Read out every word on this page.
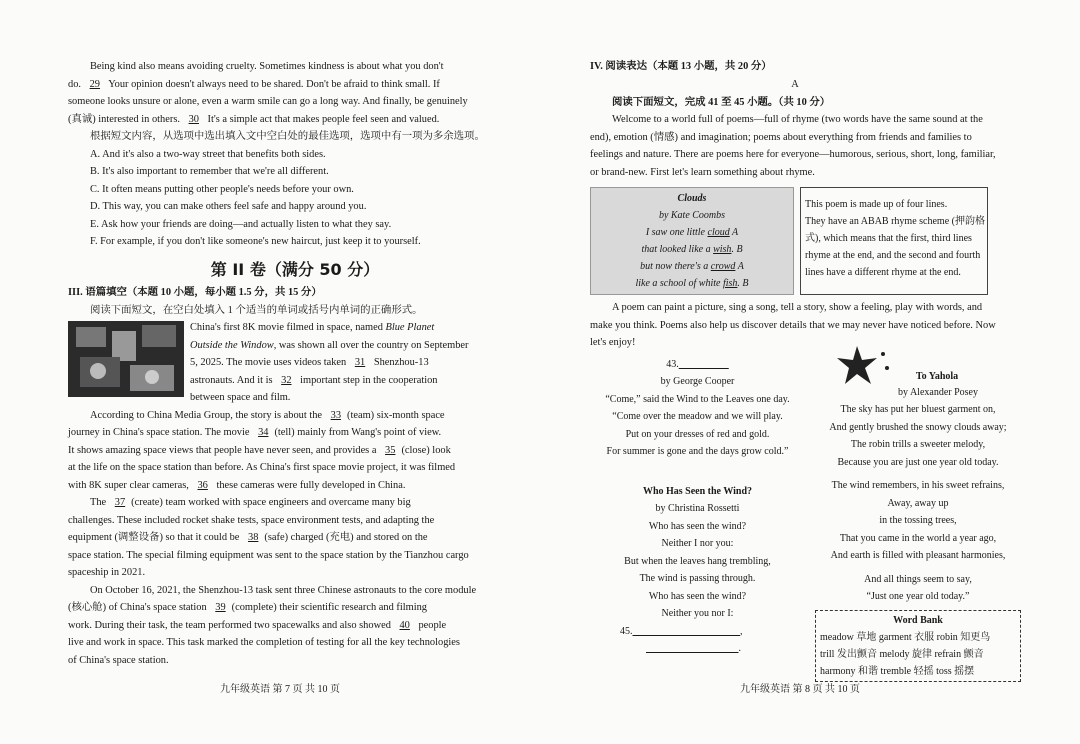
Being kind also means avoiding cruelty. Sometimes kindness is about what you don't
do. 29 Your opinion doesn't always need to be shared. Don't be afraid to think small. If
someone looks unsure or alone, even a warm smile can go a long way. And finally, be genuinely
(真诚) interested in others. 30 It's a simple act that makes people feel seen and valued.
根据短文内容，从选项中选出填入文中空白处的最佳选项，选项中有一项为多余选项。
A. And it's also a two-way street that benefits both sides.
B. It's also important to remember that we're all different.
C. It often means putting other people's needs before your own.
D. This way, you can make others feel safe and happy around you.
E. Ask how your friends are doing—and actually listen to what they say.
F. For example, if you don't like someone's new haircut, just keep it to yourself.
第 II 卷（满分 50 分）
III. 语篇填空（本题 10 小题，每小题 1.5 分，共 15 分）
阅读下面短文，在空白处填入 1 个适当的单词或括号内单词的正确形式。
China's first 8K movie filmed in space, named Blue Planet
Outside the Window, was shown all over the country on September
5, 2025. The movie uses videos taken 31 Shenzhou-13
astronauts. And it is 32 important step in the cooperation
between space and film.
According to China Media Group, the story is about the 33 (team) six-month space
journey in China's space station. The movie 34 (tell) mainly from Wang's point of view.
It shows amazing space views that people have never seen, and provides a 35 (close) look
at the life on the space station than before. As China's first space movie project, it was filmed
with 8K super clear cameras, 36 these cameras were fully developed in China.
The 37 (create) team worked with space engineers and overcame many big
challenges. These included rocket shake tests, space environment tests, and adapting the
equipment (调整设备) so that it could be 38 (safe) charged (充电) and stored on the
space station. The special filming equipment was sent to the space station by the Tianzhou cargo
spaceship in 2021.
On October 16, 2021, the Shenzhou-13 task sent three Chinese astronauts to the core module
(核心舱) of China's space station 39 (complete) their scientific research and filming
work. During their task, the team performed two spacewalks and also showed 40 people
live and work in space. This task marked the completion of testing for all the key technologies
of China's space station.
九年级英语 第 7 页 共 10 页
IV. 阅读表达（本题 13 小题，共 20 分）
A
阅读下面短文，完成 41 至 45 小题。（共 10 分）
Welcome to a world full of poems—full of rhyme (two words have the same sound at the
end), emotion (情感) and imagination; poems about everything from friends and families to
feelings and nature. There are poems here for everyone—humorous, serious, short, long, familiar,
or brand-new. First let's learn something about rhyme.
Clouds
by Kate Coombs
I saw one little cloud A
that looked like a wish. B
but now there's a crowd A
like a school of white fish. B
This poem is made up of four lines.
They have an ABAB rhyme scheme (押韵格
式), which means that the first, third lines
rhyme at the end, and the second and fourth
lines have a different rhyme at the end.
A poem can paint a picture, sing a song, tell a story, show a feeling, play with words, and
make you think. Poems also help us discover details that we may never have noticed before. Now
let's enjoy!
43.​
by George Cooper
“Come,” said the Wind to the Leaves one day.
“Come over the meadow and we will play.
Put on your dresses of red and gold.
For summer is gone and the days grow cold.”
Who Has Seen the Wind?
by Christina Rossetti
Who has seen the wind?
Neither I nor you:
But when the leaves hang trembling,
The wind is passing through.
Who has seen the wind?
Neither you nor I:
45.	,
.
To Yahola
by Alexander Posey
The sky has put her bluest garment on,
And gently brushed the snowy clouds away;
The robin trills a sweeter melody,
Because you are just one year old today.
The wind remembers, in his sweet refrains,
Away, away up
in the tossing trees,
That you came in the world a year ago,
And earth is filled with pleasant harmonies,
And all things seem to say,
“Just one year old today.”
Word Bank
meadow 草地 garment 衣服 robin 知更鸟
trill 发出颤音 melody 旋律 refrain 颤音
harmony 和谐 tremble 轻摇 toss 摇摆
九年级英语 第 8 页 共 10 页
